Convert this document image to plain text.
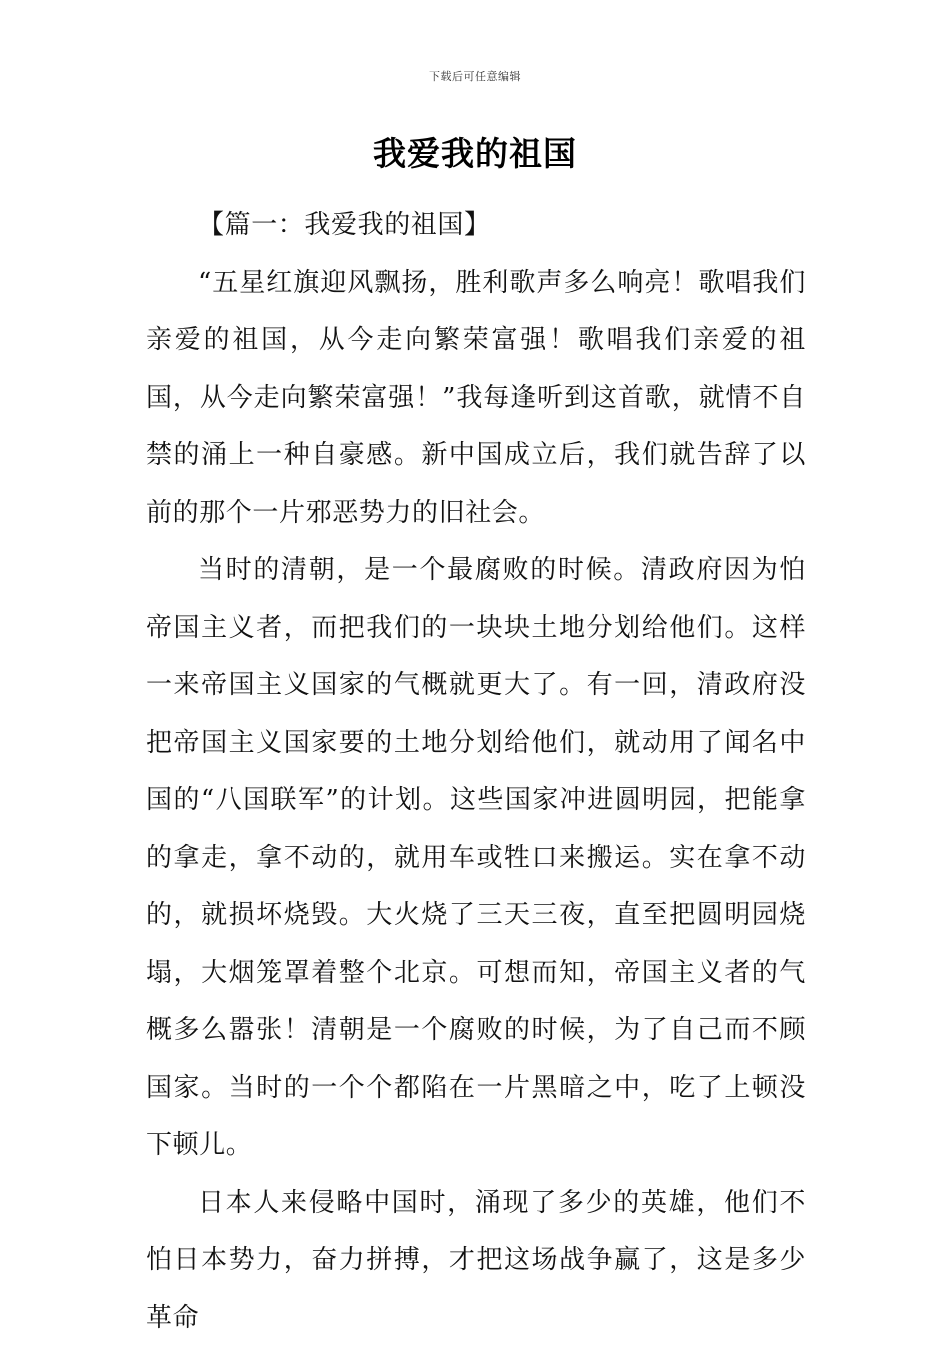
下载后可任意编辑
我爱我的祖国

【篇一：我爱我的祖国】

“五星红旗迎风飘扬，胜利歌声多么响亮！歌唱我们亲爱的祖国，从今走向繁荣富强！歌唱我们亲爱的祖国，从今走向繁荣富强！”我每逢听到这首歌，就情不自禁的涌上一种自豪感。新中国成立后，我们就告辞了以前的那个一片邪恶势力的旧社会。

当时的清朝，是一个最腐败的时候。清政府因为怕帝国主义者，而把我们的一块块土地分划给他们。这样一来帝国主义国家的气概就更大了。有一回，清政府没把帝国主义国家要的土地分划给他们，就动用了闻名中国的“八国联军”的计划。这些国家冲进圆明园，把能拿的拿走，拿不动的，就用车或牲口来搬运。实在拿不动的，就损坏烧毁。大火烧了三天三夜，直至把圆明园烧塌，大烟笼罩着整个北京。可想而知，帝国主义者的气概多么嚣张！清朝是一个腐败的时候，为了自己而不顾国家。当时的一个个都陷在一片黑暗之中，吃了上顿没下顿儿。

日本人来侵略中国时，涌现了多少的英雄，他们不怕日本势力，奋力拼搏，才把这场战争赢了，这是多少革命
